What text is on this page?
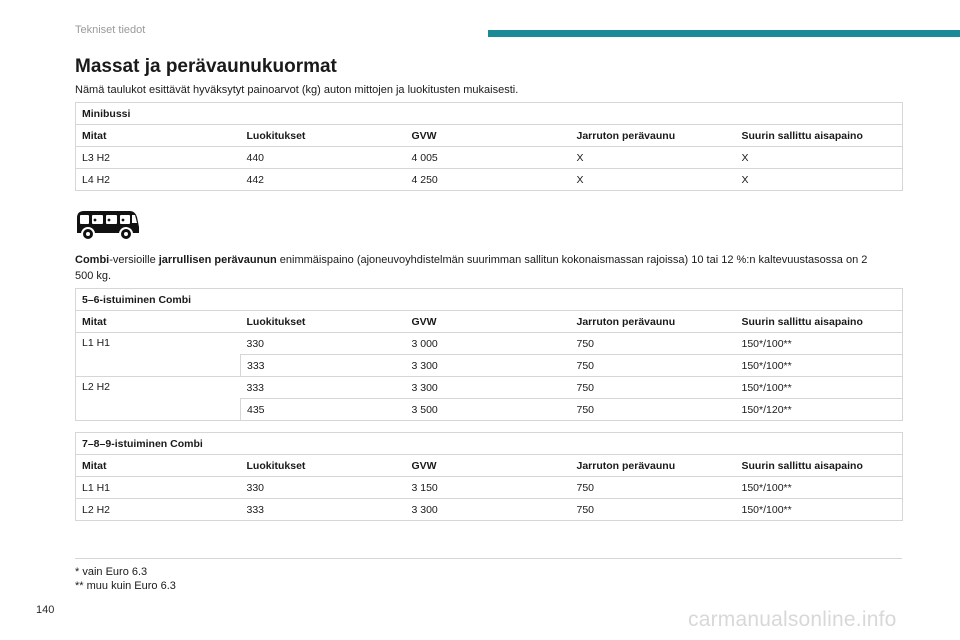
Tekniset tiedot
Massat ja perävaunukuormat
Nämä taulukot esittävät hyväksytyt painoarvot (kg) auton mittojen ja luokitusten mukaisesti.
Minibussi				
Mitat	Luokitukset	GVW	Jarruton perävaunu	Suurin sallittu aisapaino
L3 H2	440	4 005	X	X
L4 H2	442	4 250	X	X

Combi-versioille jarrullisen perävaunun enimmäispaino (ajoneuvoyhdistelmän suurimman sallitun kokonaismassan rajoissa) 10 tai 12 %:n kaltevuustasossa on 2 500 kg.

5–6-istuiminen Combi				
Mitat	Luokitukset	GVW	Jarruton perävaunu	Suurin sallittu aisapaino
L1 H1	330	3 000	750	150*/100**
	333	3 300	750	150*/100**
L2 H2	333	3 300	750	150*/100**
	435	3 500	750	150*/120**
7–8–9-istuiminen Combi				
Mitat	Luokitukset	GVW	Jarruton perävaunu	Suurin sallittu aisapaino
L1 H1	330	3 150	750	150*/100**
L2 H2	333	3 300	750	150*/100**
* vain Euro 6.3
** muu kuin Euro 6.3
140	carmanualsonline.info
